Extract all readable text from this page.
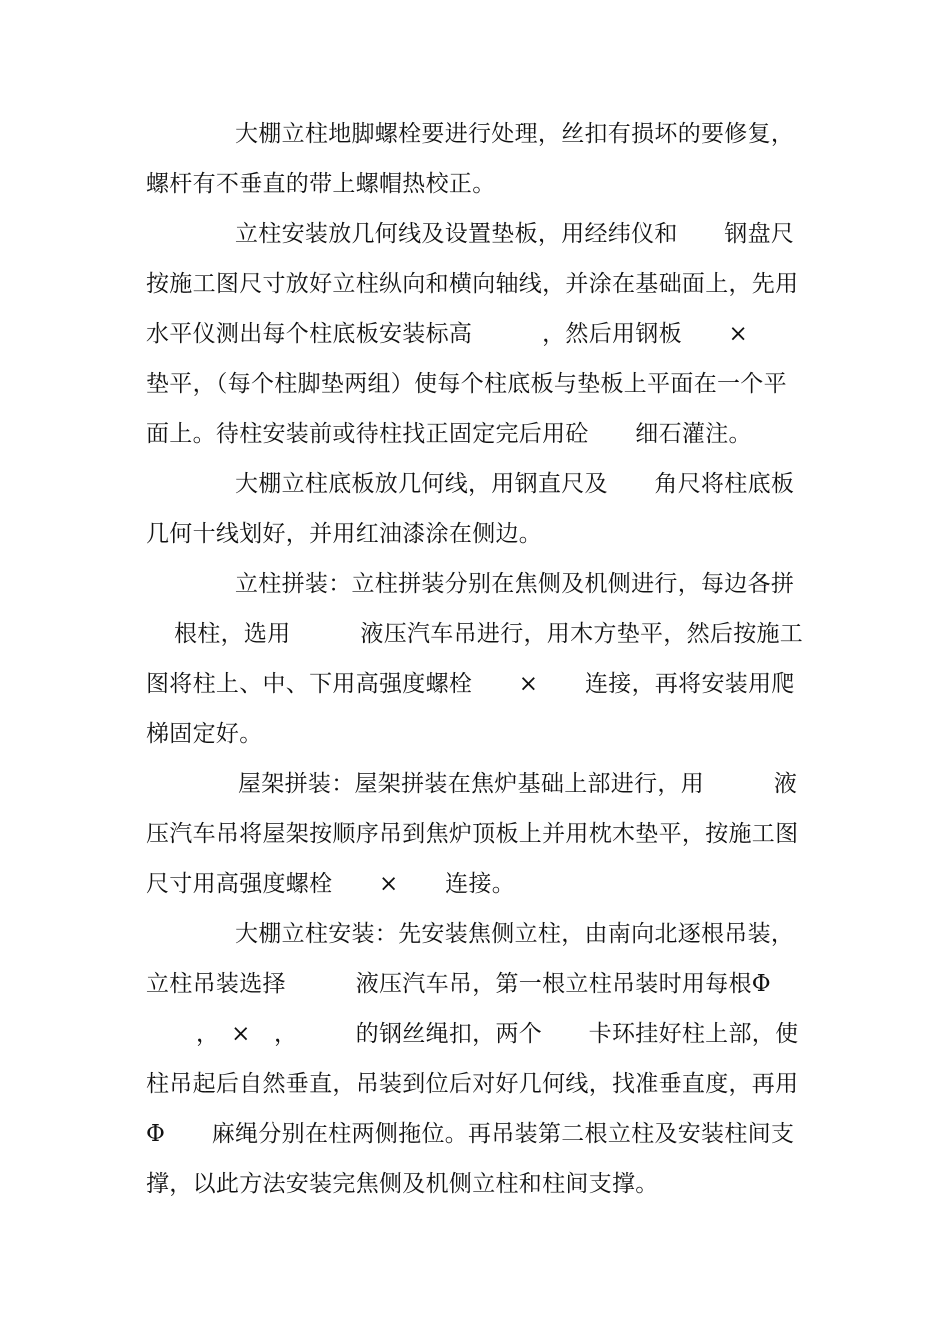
大棚立柱地脚螺栓要进行处理，丝扣有损坏的要修复，
螺杆有不垂直的带上螺帽热校正。
立柱安装放几何线及设置垫板，用经纬仪和　　钢盘尺
按施工图尺寸放好立柱纵向和横向轴线，并涂在基础面上，先用
水平仪测出每个柱底板安装标高　　　，然后用钢板　　×
垫平，（每个柱脚垫两组）使每个柱底板与垫板上平面在一个平
面上。待柱安装前或待柱找正固定完后用砼　　细石灌注。
大棚立柱底板放几何线，用钢直尺及　　角尺将柱底板
几何十线划好，并用红油漆涂在侧边。
立柱拼装：立柱拼装分别在焦侧及机侧进行，每边各拼
根柱，选用　　　液压汽车吊进行，用木方垫平，然后按施工
图将柱上、中、下用高强度螺栓　　×　　连接，再将安装用爬
梯固定好。
屋架拼装：屋架拼装在焦炉基础上部进行，用　　　液
压汽车吊将屋架按顺序吊到焦炉顶板上并用枕木垫平，按施工图
尺寸用高强度螺栓　　×　　连接。
大棚立柱安装：先安装焦侧立柱，由南向北逐根吊装，
立柱吊装选择　　　液压汽车吊，第一根立柱吊装时用每根Φ
，　×　，　　　的钢丝绳扣，两个　　卡环挂好柱上部，使
柱吊起后自然垂直，吊装到位后对好几何线，找准垂直度，再用
Φ　　麻绳分别在柱两侧拖位。再吊装第二根立柱及安装柱间支
撑，以此方法安装完焦侧及机侧立柱和柱间支撑。
